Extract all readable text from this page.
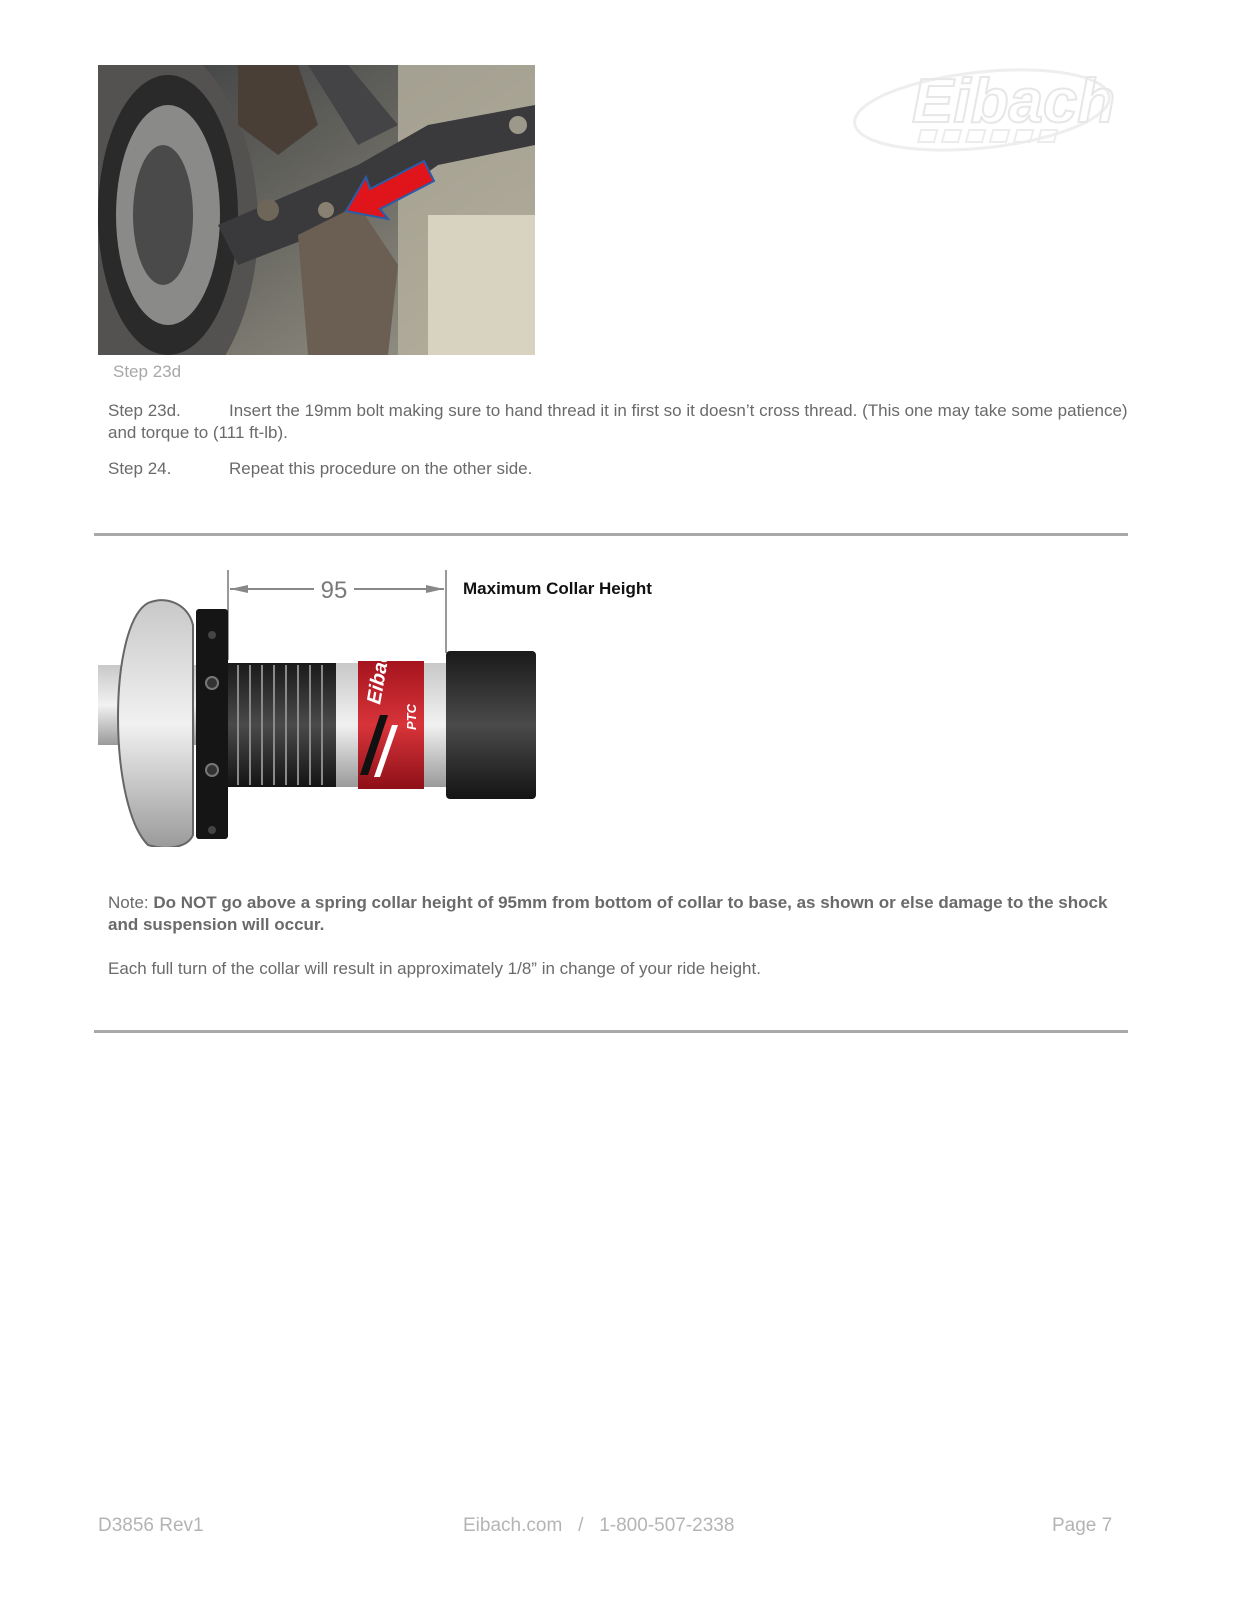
Eibach
Step 23d
Step 23d.	Insert the 19mm bolt making sure to hand thread it in first so it doesn’t cross thread. (This one may take some patience) and torque to (111 ft-lb).
Step 24.	Repeat this procedure on the other side.
95
Eibach
PTC
Maximum Collar Height
Note: Do NOT go above a spring collar height of 95mm from bottom of collar to base, as shown or else damage to the shock and suspension will occur.
Each full turn of the collar will result in approximately 1/8” in change of your ride height.
D3856 Rev1	Eibach.com   /   1-800-507-2338	Page 7
